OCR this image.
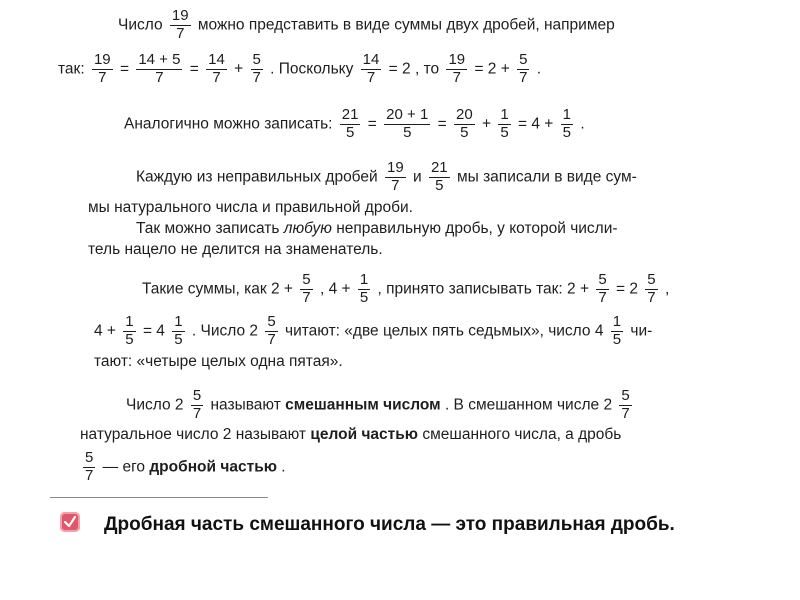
Число $\frac{19}{7}$ можно представить в виде суммы двух дробей, например
так: $\frac{19}{7} = \frac{14 + 5}{7} = \frac{14}{7} + \frac{5}{7}$ . Поскольку $\frac{14}{7} = 2$ , то $\frac{19}{7} = 2 + \frac{5}{7}$ .
Аналогично можно записать: $\frac{21}{5} = \frac{20 + 1}{5} = \frac{20}{5} + \frac{1}{5} = 4 + \frac{1}{5}$ .
Каждую из неправильных дробей $\frac{19}{7}$ и $\frac{21}{5}$ мы записали в виде сум-
мы натурального числа и правильной дроби.
Так можно записать любую неправильную дробь, у которой числи-
тель нацело не делится на знаменатель.
Такие суммы, как $2 + \frac{5}{7}$ , $4 + \frac{1}{5}$ , принято записывать так: $2 + \frac{5}{7} = 2 \frac{5}{7}$ ,
$4 + \frac{1}{5} = 4 \frac{1}{5}$ . Число $2 \frac{5}{7}$ читают: «две целых пять седьмых», число $4 \frac{1}{5} чи-$
тают: «четыре целых одна пятая».
Число $2 \frac{5}{7}$ называют смешанным числом . В смешанном числе $2 \frac{5}{7}$
натуральное число 2 называют целой частью смешанного числа, а дробь
$\frac{5}{7}$ — его дробной частью .
Дробная часть смешанного числа — это правильная дробь.
